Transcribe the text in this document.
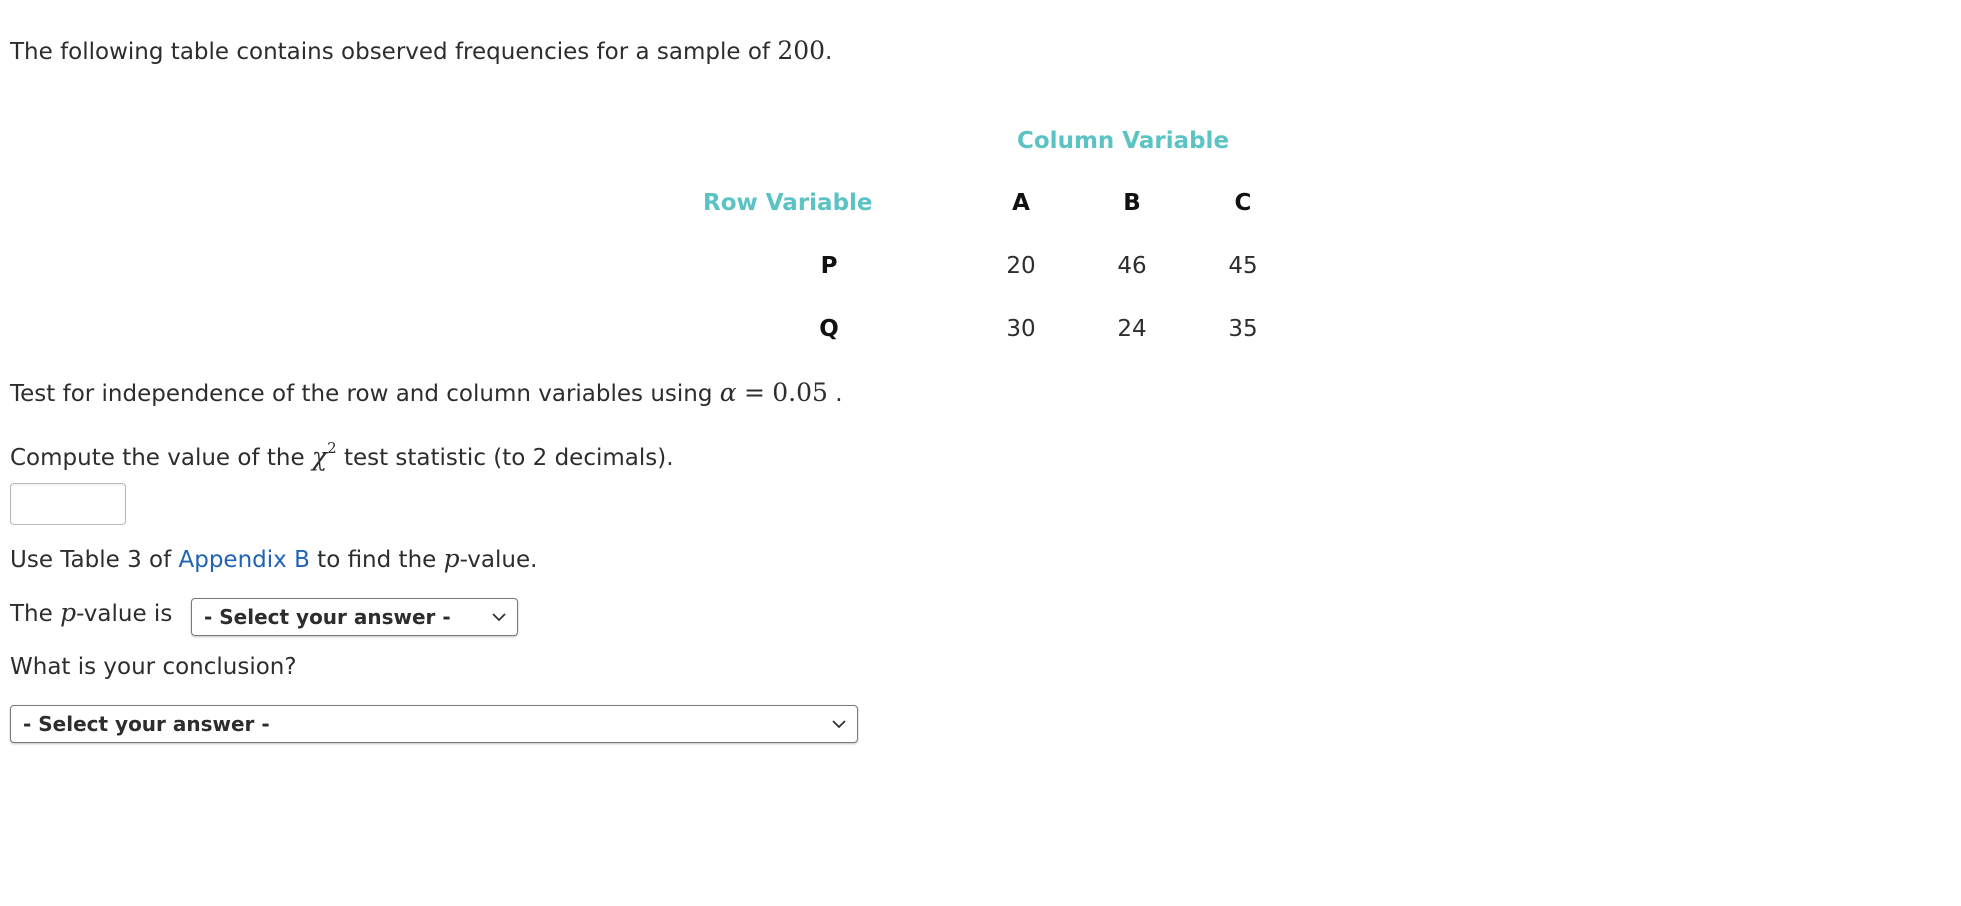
The following table contains observed frequencies for a sample of 200.
Column Variable
Row Variable	A	B	C
P	20	46	45
Q	30	24	35
Test for independence of the row and column variables using α = 0.05 .
Compute the value of the $\chi^2$ test statistic (to 2 decimals).
Use Table 3 of Appendix B to find the p-value.
The p-value is	- Select your answer -
What is your conclusion?
- Select your answer -
